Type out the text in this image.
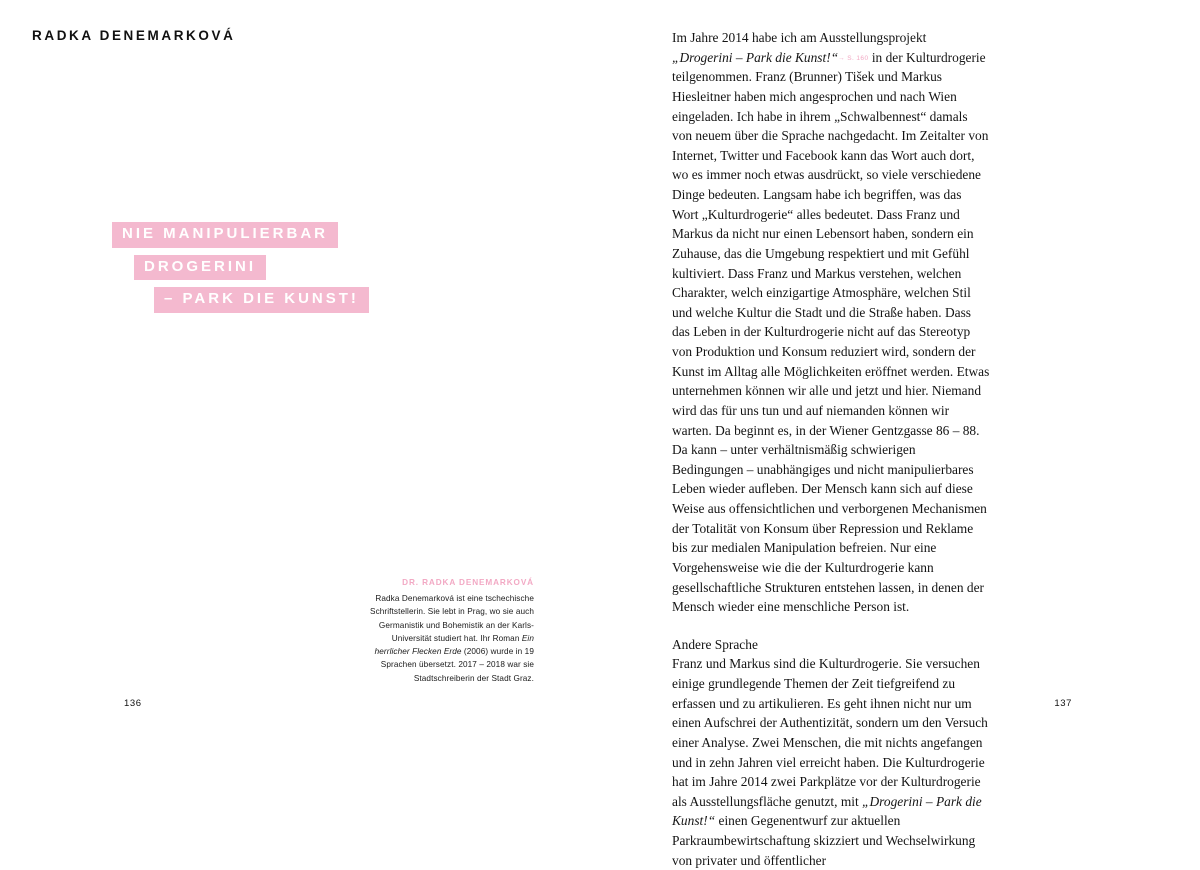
RADKA DENEMARKOVÁ
NIE MANIPULIERBAR
DROGERINI
– PARK DIE KUNST!
DR. RADKA DENEMARKOVÁ
Radka Denemarková ist eine tschechische Schriftstellerin. Sie lebt in Prag, wo sie auch Germanistik und Bohemistik an der Karls-Universität studiert hat. Ihr Roman Ein herrlicher Flecken Erde (2006) wurde in 19 Sprachen übersetzt. 2017 – 2018 war sie Stadtschreiberin der Stadt Graz.
136

Im Jahre 2014 habe ich am Ausstellungsprojekt „Drogerini – Park die Kunst!“→ S. 160 in der Kulturdrogerie teilgenommen. Franz (Brunner) Tišek und Markus Hiesleitner haben mich angesprochen und nach Wien eingeladen. Ich habe in ihrem „Schwalbennest“ damals von neuem über die Sprache nachgedacht. Im Zeitalter von Internet, Twitter und Facebook kann das Wort auch dort, wo es immer noch etwas ausdrückt, so viele verschiedene Dinge bedeuten. Langsam habe ich begriffen, was das Wort „Kulturdrogerie“ alles bedeutet. Dass Franz und Markus da nicht nur einen Lebensort haben, sondern ein Zuhause, das die Umgebung respektiert und mit Gefühl kultiviert. Dass Franz und Markus verstehen, welchen Charakter, welch einzigartige Atmosphäre, welchen Stil und welche Kultur die Stadt und die Straße haben. Dass das Leben in der Kulturdrogerie nicht auf das Stereotyp von Produktion und Konsum reduziert wird, sondern der Kunst im Alltag alle Möglichkeiten eröffnet werden. Etwas unternehmen können wir alle und jetzt und hier. Niemand wird das für uns tun und auf niemanden können wir warten. Da beginnt es, in der Wiener Gentzgasse 86 – 88. Da kann – unter verhältnismäßig schwierigen Bedingungen – unabhängiges und nicht manipulierbares Leben wieder aufleben. Der Mensch kann sich auf diese Weise aus offensichtlichen und verborgenen Mechanismen der Totalität von Konsum über Repression und Reklame bis zur medialen Manipulation befreien. Nur eine Vorgehensweise wie die der Kulturdrogerie kann gesellschaftliche Strukturen entstehen lassen, in denen der Mensch wieder eine menschliche Person ist.

Andere Sprache

Franz und Markus sind die Kulturdrogerie. Sie versuchen einige grundlegende Themen der Zeit tiefgreifend zu erfassen und zu artikulieren. Es geht ihnen nicht nur um einen Aufschrei der Authentizität, sondern um den Versuch einer Analyse. Zwei Menschen, die mit nichts angefangen und in zehn Jahren viel erreicht haben. Die Kulturdrogerie hat im Jahre 2014 zwei Parkplätze vor der Kulturdrogerie als Ausstellungsfläche genutzt, mit „Drogerini – Park die Kunst!“ einen Gegenentwurf zur aktuellen Parkraumbewirtschaftung skizziert und Wechselwirkung von privater und öffentlicher

137
